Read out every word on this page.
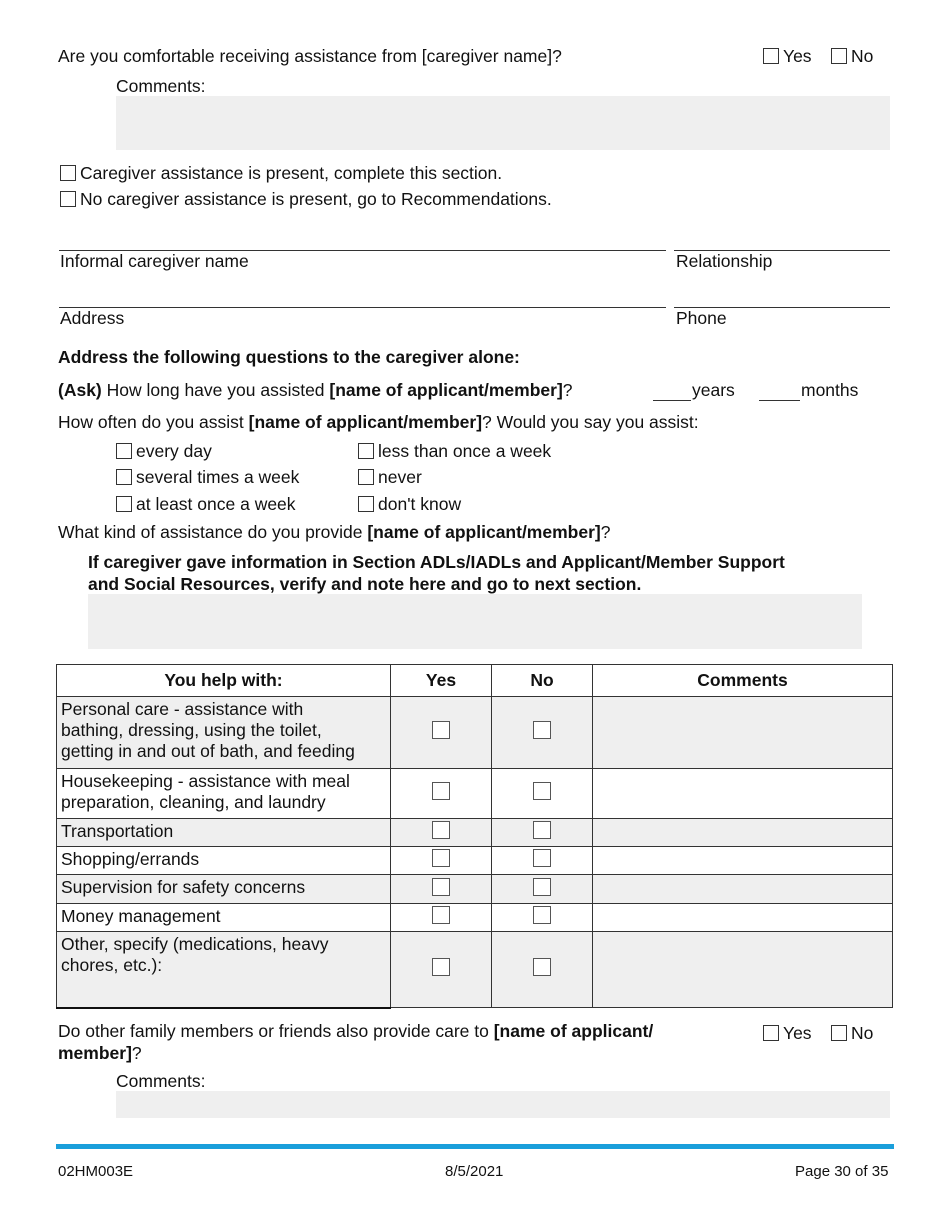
Are you comfortable receiving assistance from [caregiver name]?	Yes	No
Comments:
Caregiver assistance is present, complete this section.
No caregiver assistance is present, go to Recommendations.
Informal caregiver name	Relationship
Address	Phone
Address the following questions to the caregiver alone:
(Ask) How long have you assisted [name of applicant/member]?	years	months
How often do you assist [name of applicant/member]? Would you say you assist:
every day	less than once a week
several times a week	never
at least once a week	don't know
What kind of assistance do you provide [name of applicant/member]?
If caregiver gave information in Section ADLs/IADLs and Applicant/Member Support
and Social Resources, verify and note here and go to next section.
You help with:	Yes	No	Comments

Personal care - assistance with
bathing, dressing, using the toilet,
getting in and out of bath, and feeding			

Housekeeping - assistance with meal
preparation, cleaning, and laundry			

Transportation			
Shopping/errands			
Supervision for safety concerns			
Money management			

Other, specify (medications, heavy
chores, etc.):			

Do other family members or friends also provide care to [name of applicant/
member]?
Yes	No
Comments:
02HM003E	8/5/2021	Page 30 of 35
